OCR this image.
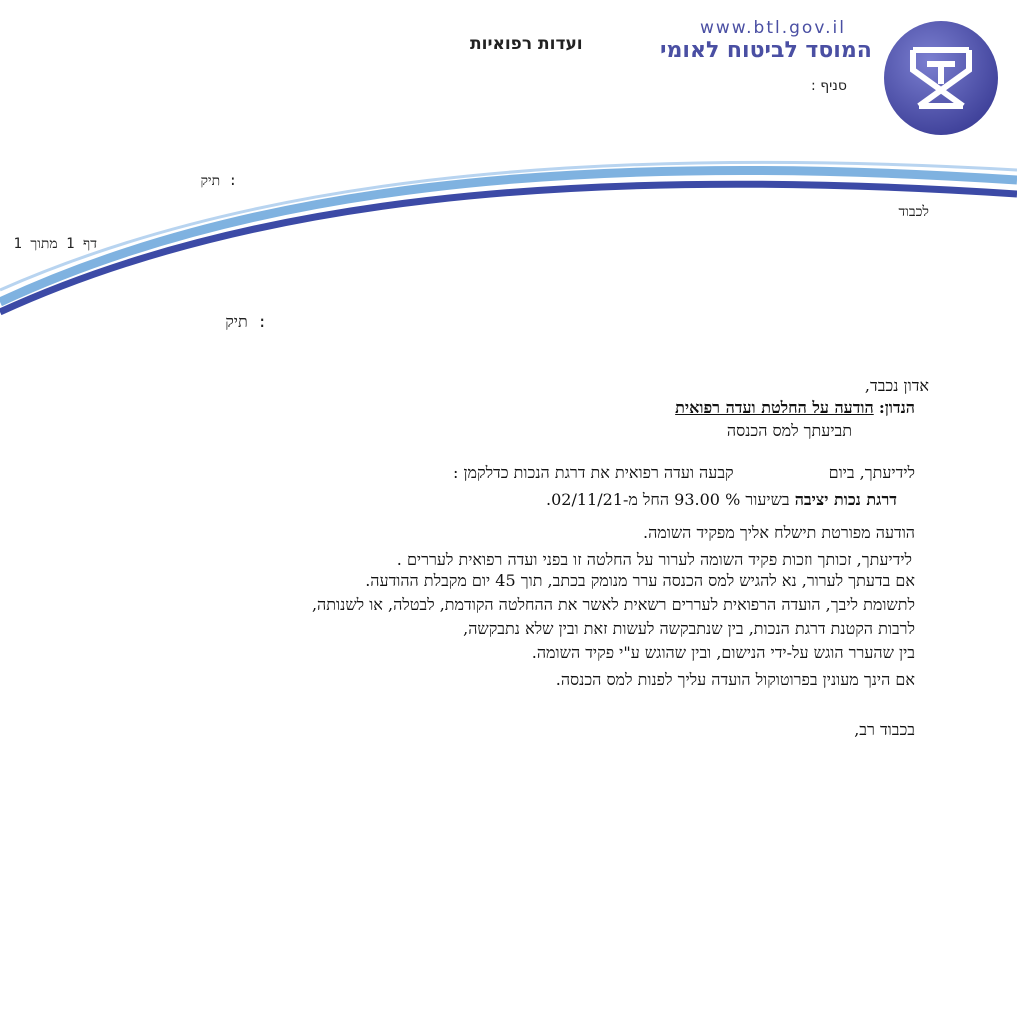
www.btl.gov.il
המוסד לביטוח לאומי
ועדות רפואיות
סניף :
: תיק
לכבוד
דף 1 מתוך 1
: תיק
אדון נכבד,
הנדון: הודעה על החלטת ועדה רפואית
תביעתך למס הכנסה
לידיעתך, ביוםקבעה ועדה רפואית את דרגת הנכות כדלקמן :
דרגת נכות יציבה בשיעור % 93.00 החל מ-02/11/21.
הודעה מפורטת תישלח אליך מפקיד השומה.
לידיעתך, זכותך וזכות פקיד השומה לערור על החלטה זו בפני ועדה רפואית לעררים .
אם בדעתך לערור, נא להגיש למס הכנסה ערר מנומק בכתב, תוך 45 יום מקבלת ההודעה.
לתשומת ליבך, הועדה הרפואית לעררים רשאית לאשר את ההחלטה הקודמת, לבטלה, או לשנותה,
לרבות הקטנת דרגת הנכות, בין שנתבקשה לעשות זאת ובין שלא נתבקשה,
בין שהערר הוגש על-ידי הנישום, ובין שהוגש ע"י פקיד השומה.
אם הינך מעונין בפרוטוקול הועדה עליך לפנות למס הכנסה.
בכבוד רב,
